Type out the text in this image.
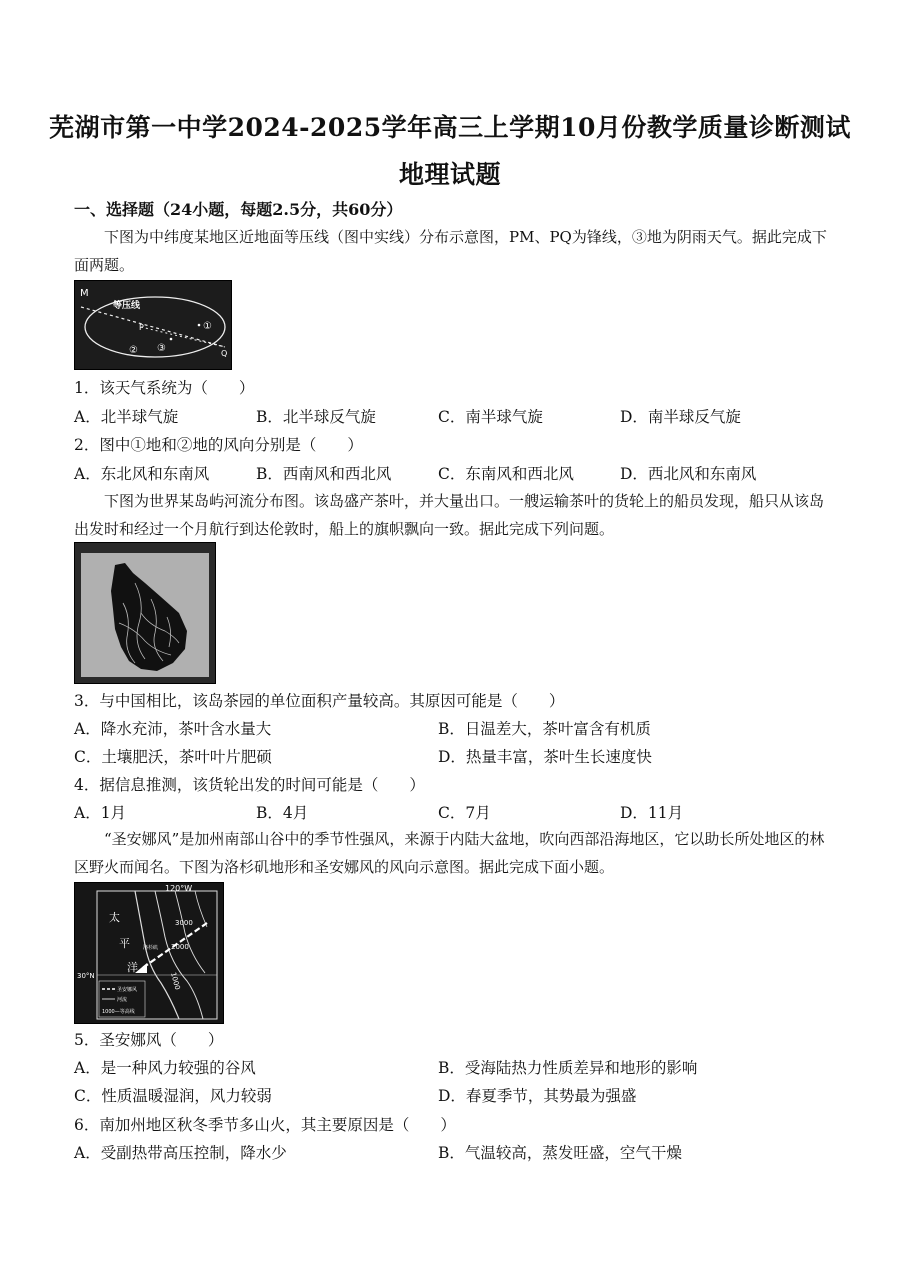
芜湖市第一中学2024-2025学年高三上学期10月份教学质量诊断测试
地理试题
一、选择题（24小题，每题2.5分，共60分）
下图为中纬度某地区近地面等压线（图中实线）分布示意图，PM、PQ为锋线，③地为阴雨天气。据此完成下面两题。
M
等压线
P
Q
①
② ③
1．该天气系统为（　　）
A．北半球气旋	B．北半球反气旋	C．南半球气旋	D．南半球反气旋
2．图中①地和②地的风向分别是（　　）
A．东北风和东南风	B．西南风和西北风	C．东南风和西北风	D．西北风和东南风
下图为世界某岛屿河流分布图。该岛盛产茶叶，并大量出口。一艘运输茶叶的货轮上的船员发现，船只从该岛出发时和经过一个月航行到达伦敦时，船上的旗帜飘向一致。据此完成下列问题。
3．与中国相比，该岛茶园的单位面积产量较高。其原因可能是（　　）
A．降水充沛，茶叶含水量大	B．日温差大，茶叶富含有机质
C．土壤肥沃，茶叶叶片肥硕	D．热量丰富，茶叶生长速度快
4．据信息推测，该货轮出发的时间可能是（　　）
A．1月	B．4月	C．7月	D．11月
“圣安娜风”是加州南部山谷中的季节性强风，来源于内陆大盆地，吹向西部沿海地区，它以助长所处地区的林区野火而闻名。下图为洛杉矶地形和圣安娜风的风向示意图。据此完成下面小题。
120°W
30°N
太
平
洋
洛杉矶
3000
2000
1000
圣安娜风
河流
1000—等高线
5．圣安娜风（　　）
A．是一种风力较强的谷风	B．受海陆热力性质差异和地形的影响
C．性质温暖湿润，风力较弱	D．春夏季节，其势最为强盛
6．南加州地区秋冬季节多山火，其主要原因是（　　）
A．受副热带高压控制，降水少	B．气温较高，蒸发旺盛，空气干燥
